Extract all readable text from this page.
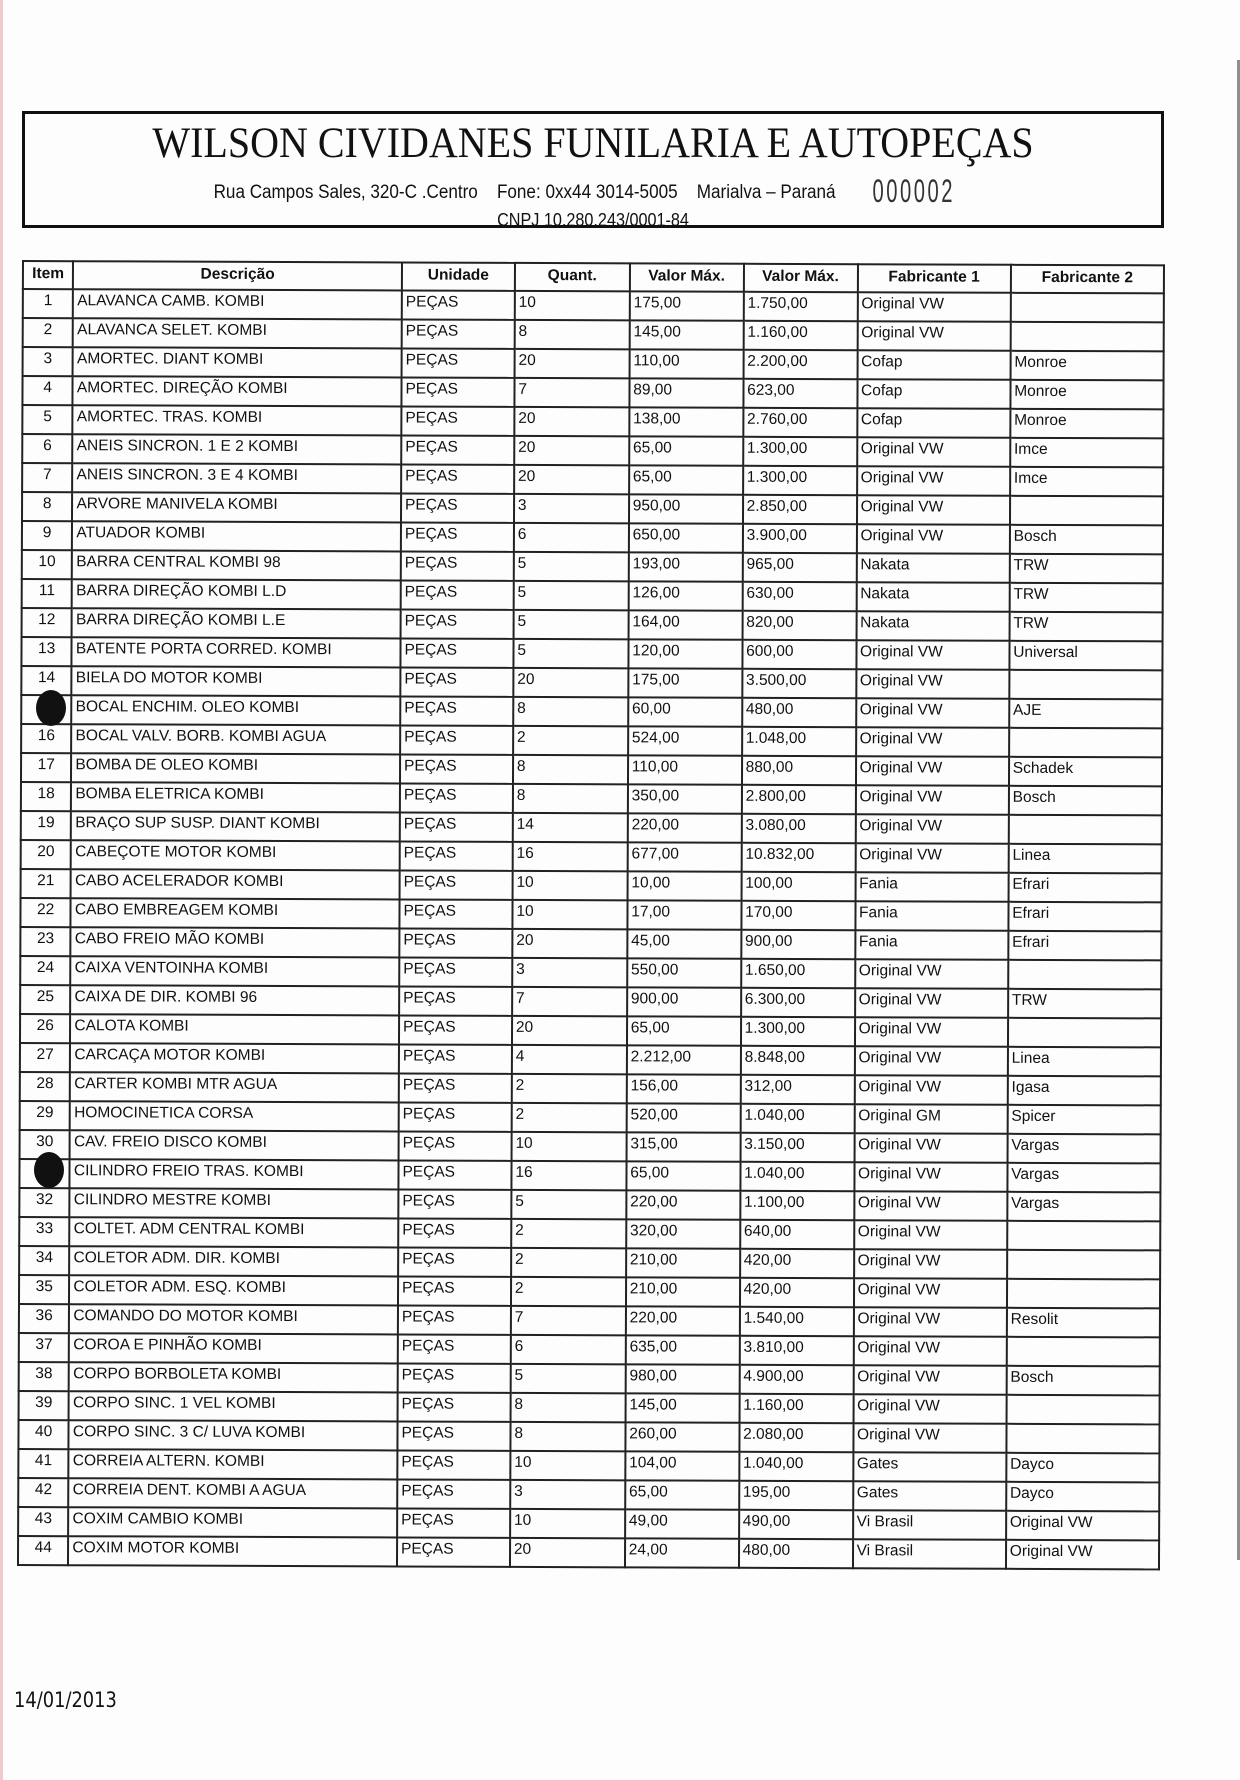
WILSON CIVIDANES FUNILARIA E AUTOPEÇAS
Rua Campos Sales, 320-C .Centro Fone: 0xx44 3014-5005 Marialva – Paraná 000002
CNPJ 10.280.243/0001-84
Item	Descrição	Unidade	Quant.	Valor Máx.	Valor Máx.	Fabricante 1	Fabricante 2
1	ALAVANCA CAMB. KOMBI	PEÇAS	10	175,00	1.750,00	Original VW	
2	ALAVANCA SELET. KOMBI	PEÇAS	8	145,00	1.160,00	Original VW	
3	AMORTEC. DIANT KOMBI	PEÇAS	20	110,00	2.200,00	Cofap	Monroe
4	AMORTEC. DIREÇÃO KOMBI	PEÇAS	7	89,00	623,00	Cofap	Monroe
5	AMORTEC. TRAS. KOMBI	PEÇAS	20	138,00	2.760,00	Cofap	Monroe
6	ANEIS SINCRON. 1 E 2 KOMBI	PEÇAS	20	65,00	1.300,00	Original VW	Imce
7	ANEIS SINCRON. 3 E 4 KOMBI	PEÇAS	20	65,00	1.300,00	Original VW	Imce
8	ARVORE MANIVELA KOMBI	PEÇAS	3	950,00	2.850,00	Original VW	
9	ATUADOR KOMBI	PEÇAS	6	650,00	3.900,00	Original VW	Bosch
10	BARRA CENTRAL KOMBI 98	PEÇAS	5	193,00	965,00	Nakata	TRW
11	BARRA DIREÇÃO KOMBI L.D	PEÇAS	5	126,00	630,00	Nakata	TRW
12	BARRA DIREÇÃO KOMBI L.E	PEÇAS	5	164,00	820,00	Nakata	TRW
13	BATENTE PORTA CORRED. KOMBI	PEÇAS	5	120,00	600,00	Original VW	Universal
14	BIELA DO MOTOR KOMBI	PEÇAS	20	175,00	3.500,00	Original VW	
	BOCAL ENCHIM. OLEO KOMBI	PEÇAS	8	60,00	480,00	Original VW	AJE
16	BOCAL VALV. BORB. KOMBI AGUA	PEÇAS	2	524,00	1.048,00	Original VW	
17	BOMBA DE OLEO KOMBI	PEÇAS	8	110,00	880,00	Original VW	Schadek
18	BOMBA ELETRICA KOMBI	PEÇAS	8	350,00	2.800,00	Original VW	Bosch
19	BRAÇO SUP SUSP. DIANT KOMBI	PEÇAS	14	220,00	3.080,00	Original VW	
20	CABEÇOTE MOTOR KOMBI	PEÇAS	16	677,00	10.832,00	Original VW	Linea
21	CABO ACELERADOR KOMBI	PEÇAS	10	10,00	100,00	Fania	Efrari
22	CABO EMBREAGEM KOMBI	PEÇAS	10	17,00	170,00	Fania	Efrari
23	CABO FREIO MÃO KOMBI	PEÇAS	20	45,00	900,00	Fania	Efrari
24	CAIXA VENTOINHA KOMBI	PEÇAS	3	550,00	1.650,00	Original VW	
25	CAIXA DE DIR. KOMBI 96	PEÇAS	7	900,00	6.300,00	Original VW	TRW
26	CALOTA KOMBI	PEÇAS	20	65,00	1.300,00	Original VW	
27	CARCAÇA MOTOR KOMBI	PEÇAS	4	2.212,00	8.848,00	Original VW	Linea
28	CARTER KOMBI MTR AGUA	PEÇAS	2	156,00	312,00	Original VW	Igasa
29	HOMOCINETICA CORSA	PEÇAS	2	520,00	1.040,00	Original GM	Spicer
30	CAV. FREIO DISCO KOMBI	PEÇAS	10	315,00	3.150,00	Original VW	Vargas
	CILINDRO FREIO TRAS. KOMBI	PEÇAS	16	65,00	1.040,00	Original VW	Vargas
32	CILINDRO MESTRE KOMBI	PEÇAS	5	220,00	1.100,00	Original VW	Vargas
33	COLTET. ADM CENTRAL KOMBI	PEÇAS	2	320,00	640,00	Original VW	
34	COLETOR ADM. DIR. KOMBI	PEÇAS	2	210,00	420,00	Original VW	
35	COLETOR ADM. ESQ. KOMBI	PEÇAS	2	210,00	420,00	Original VW	
36	COMANDO DO MOTOR KOMBI	PEÇAS	7	220,00	1.540,00	Original VW	Resolit
37	COROA E PINHÃO KOMBI	PEÇAS	6	635,00	3.810,00	Original VW	
38	CORPO BORBOLETA KOMBI	PEÇAS	5	980,00	4.900,00	Original VW	Bosch
39	CORPO SINC. 1 VEL KOMBI	PEÇAS	8	145,00	1.160,00	Original VW	
40	CORPO SINC. 3 C/ LUVA KOMBI	PEÇAS	8	260,00	2.080,00	Original VW	
41	CORREIA ALTERN. KOMBI	PEÇAS	10	104,00	1.040,00	Gates	Dayco
42	CORREIA DENT. KOMBI A AGUA	PEÇAS	3	65,00	195,00	Gates	Dayco
43	COXIM CAMBIO KOMBI	PEÇAS	10	49,00	490,00	Vi Brasil	Original VW
44	COXIM MOTOR KOMBI	PEÇAS	20	24,00	480,00	Vi Brasil	Original VW
14/01/2013
